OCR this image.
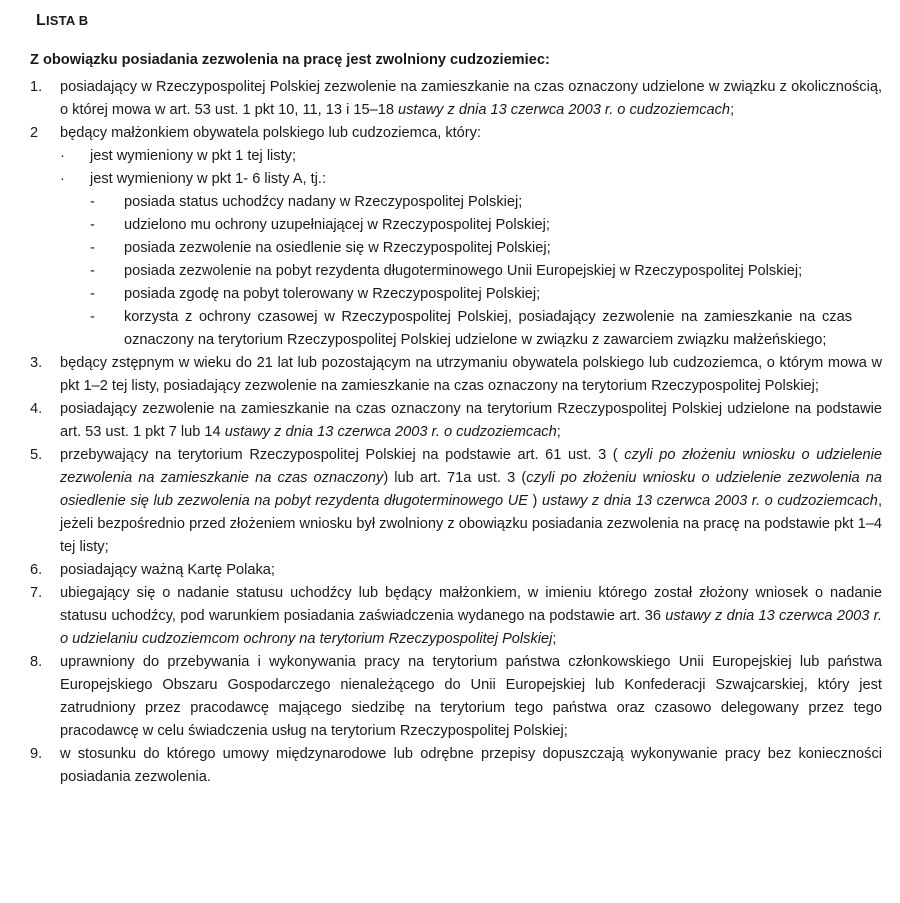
LISTA B
Z obowiązku posiadania zezwolenia na pracę jest zwolniony cudzoziemiec:
1. posiadający w Rzeczypospolitej Polskiej zezwolenie na zamieszkanie na czas oznaczony udzielone w związku z okolicznością, o której mowa w art. 53 ust. 1 pkt 10, 11, 13 i 15–18 ustawy z dnia 13 czerwca 2003 r. o cudzoziemcach;
2 będący małżonkiem obywatela polskiego lub cudzoziemca, który:
· jest wymieniony w pkt 1 tej listy;
· jest wymieniony w pkt 1- 6 listy A, tj.:
- posiada status uchodźcy nadany w Rzeczypospolitej Polskiej;
- udzielono mu ochrony uzupełniającej w Rzeczypospolitej Polskiej;
- posiada zezwolenie na osiedlenie się w Rzeczypospolitej Polskiej;
- posiada zezwolenie na pobyt rezydenta długoterminowego Unii Europejskiej w Rzeczypospolitej Polskiej;
- posiada zgodę na pobyt tolerowany w Rzeczypospolitej Polskiej;
- korzysta z ochrony czasowej w Rzeczypospolitej Polskiej, posiadający zezwolenie na zamieszkanie na czas oznaczony na terytorium Rzeczypospolitej Polskiej udzielone w związku z zawarciem związku małżeńskiego;
3. będący zstępnym w wieku do 21 lat lub pozostającym na utrzymaniu obywatela polskiego lub cudzoziemca, o którym mowa w pkt 1–2 tej listy, posiadający zezwolenie na zamieszkanie na czas oznaczony na terytorium Rzeczypospolitej Polskiej;
4. posiadający zezwolenie na zamieszkanie na czas oznaczony na terytorium Rzeczypospolitej Polskiej udzielone na podstawie art. 53 ust. 1 pkt 7 lub 14 ustawy z dnia 13 czerwca 2003 r. o cudzoziemcach;
5. przebywający na terytorium Rzeczypospolitej Polskiej na podstawie art. 61 ust. 3 ( czyli po złożeniu wniosku o udzielenie zezwolenia na zamieszkanie na czas oznaczony) lub art. 71a ust. 3 (czyli po złożeniu wniosku o udzielenie zezwolenia na osiedlenie się lub zezwolenia na pobyt rezydenta długoterminowego UE ) ustawy z dnia 13 czerwca 2003 r. o cudzoziemcach, jeżeli bezpośrednio przed złożeniem wniosku był zwolniony z obowiązku posiadania zezwolenia na pracę na podstawie pkt 1–4 tej listy;
6. posiadający ważną Kartę Polaka;
7. ubiegający się o nadanie statusu uchodźcy lub będący małżonkiem, w imieniu którego został złożony wniosek o nadanie statusu uchodźcy, pod warunkiem posiadania zaświadczenia wydanego na podstawie art. 36 ustawy z dnia 13 czerwca 2003 r. o udzielaniu cudzoziemcom ochrony na terytorium Rzeczypospolitej Polskiej;
8. uprawniony do przebywania i wykonywania pracy na terytorium państwa członkowskiego Unii Europejskiej lub państwa Europejskiego Obszaru Gospodarczego nienależącego do Unii Europejskiej lub Konfederacji Szwajcarskiej, który jest zatrudniony przez pracodawcę mającego siedzibę na terytorium tego państwa oraz czasowo delegowany przez tego pracodawcę w celu świadczenia usług na terytorium Rzeczypospolitej Polskiej;
9. w stosunku do którego umowy międzynarodowe lub odrębne przepisy dopuszczają wykonywanie pracy bez konieczności posiadania zezwolenia.
